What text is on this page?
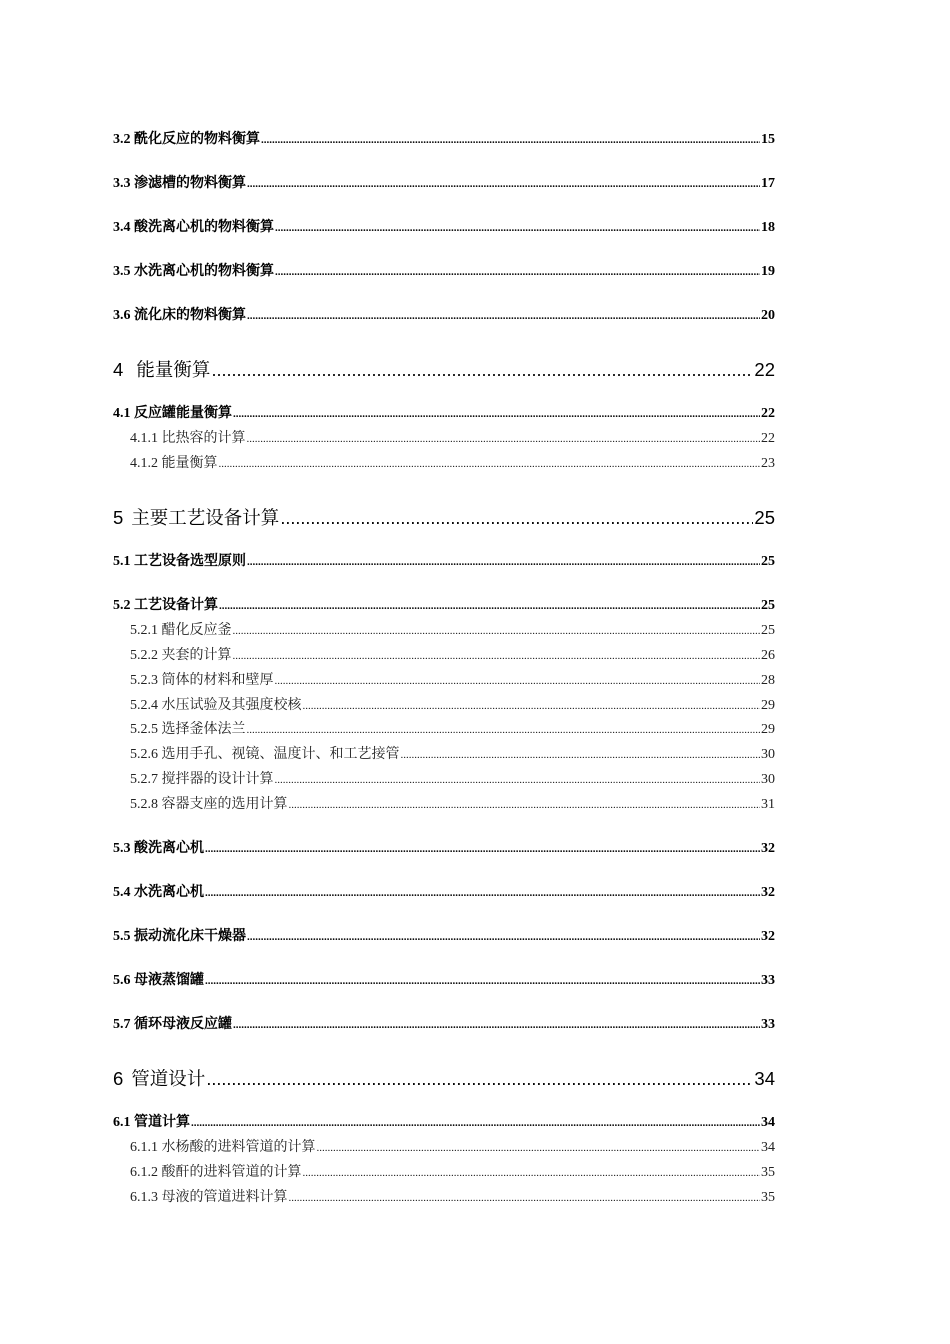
3.2 酰化反应的物料衡算 .....	15
3.3 渗滤槽的物料衡算 .....	17
3.4 酸洗离心机的物料衡算 .....	18
3.5 水洗离心机的物料衡算 .....	19
3.6 流化床的物料衡算 .....	20
4 能量衡算 .....	22
4.1 反应罐能量衡算 .....	22
4.1.1 比热容的计算 .....	22
4.1.2 能量衡算 .....	23
5 主要工艺设备计算 .....	25
5.1 工艺设备选型原则 .....	25
5.2 工艺设备计算 .....	25
5.2.1 醋化反应釜 .....	25
5.2.2 夹套的计算 .....	26
5.2.3 筒体的材料和壁厚 .....	28
5.2.4 水压试验及其强度校核 .....	29
5.2.5 选择釜体法兰 .....	29
5.2.6 选用手孔、视镜、温度计、和工艺接管 .....	30
5.2.7 搅拌器的设计计算 .....	30
5.2.8 容器支座的选用计算 .....	31
5.3 酸洗离心机 .....	32
5.4 水洗离心机 .....	32
5.5 振动流化床干燥器 .....	32
5.6 母液蒸馏罐 .....	33
5.7 循环母液反应罐 .....	33
6 管道设计 .....	34
6.1 管道计算 .....	34
6.1.1 水杨酸的进料管道的计算 .....	34
6.1.2 酸酐的进料管道的计算 .....	35
6.1.3 母液的管道进料计算 .....	35
